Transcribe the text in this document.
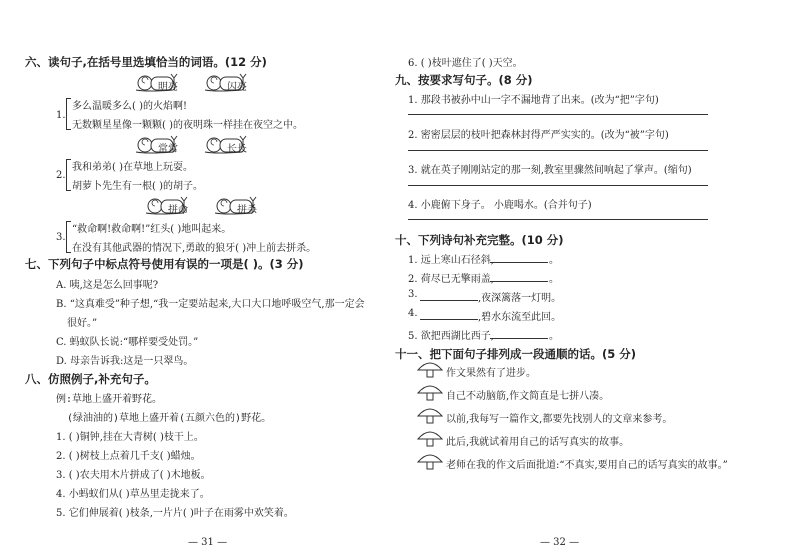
六、读句子,在括号里选填恰当的词语。(12 分)
明亮	闪亮
1.
多么温暖多么( )的火焰啊!
无数颗星星像一颗颗( )的夜明珠一样挂在夜空之中。
常常	长长
2.
我和弟弟( )在草地上玩耍。
胡萝卜先生有一根( )的胡子。
拼命	拼杀
3.
“救命啊!救命啊!”红头( )地叫起来。
在没有其他武器的情况下,勇敢的狼牙( )冲上前去拼杀。
七、下列句子中标点符号使用有误的一项是( )。(3 分)
A. 咦,这是怎么回事呢?
B. “这真难受”种子想,“我一定要站起来,大口大口地呼吸空气,那一定会
很好。”
C. 蚂蚁队长说:“哪样要受处罚。”
D. 母亲告诉我:这是一只翠鸟。
八、仿照例子,补充句子。
例:草地上盛开着野花。
(绿油油的)草地上盛开着(五颜六色的)野花。
1. ( )铜钟,挂在大青树( )枝干上。
2. ( )树枝上点着几千支( )蜡烛。
3. ( )农夫用木片拼成了( )木地板。
4. 小蚂蚁们从( )草丛里走拢来了。
5. 它们伸展着( )枝条,一片片( )叶子在雨雾中欢笑着。
— 31 —
6. ( )枝叶遮住了( )天空。
九、按要求写句子。(8 分)
1. 那段书被孙中山一字不漏地背了出来。(改为“把”字句)
2. 密密层层的枝叶把森林封得严严实实的。(改为“被”字句)
3. 就在英子刚刚站定的那一刻,教室里骤然间响起了掌声。(缩句)
4. 小鹿俯下身子。 小鹿喝水。(合并句子)
十、下列诗句补充完整。(10 分)
1. 远上寒山石径斜,	。
2. 荷尽已无擎雨盖,	。
3.	,夜深篱落一灯明。
4.	,碧水东流至此回。
5. 欲把西湖比西子,	。
十一、把下面句子排列成一段通顺的话。(5 分)
作文果然有了进步。
自己不动脑筋,作文简直是七拼八凑。
以前,我每写一篇作文,都要先找别人的文章来参考。
此后,我就试着用自己的话写真实的故事。
老师在我的作文后面批道:“不真实,要用自己的话写真实的故事。”
— 32 —
